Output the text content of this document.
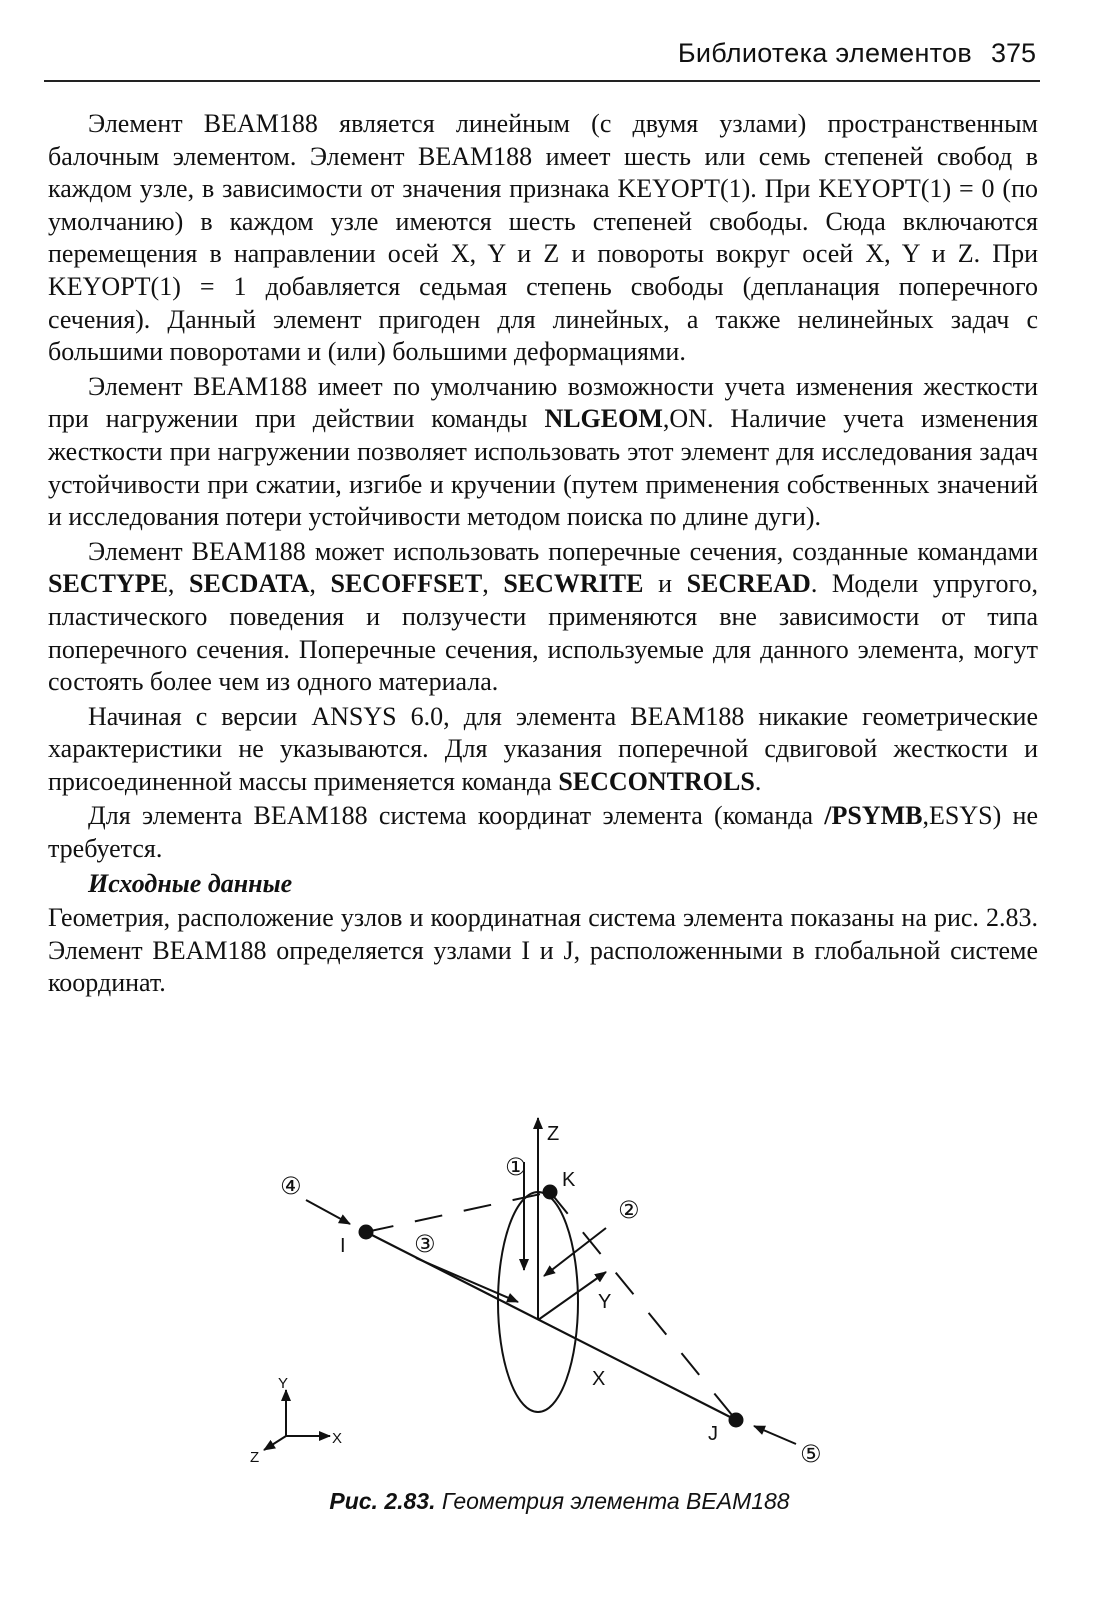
Библиотека элементов 375

Элемент BEAM188 является линейным (с двумя узлами) пространственным балочным элементом. Элемент BEAM188 имеет шесть или семь степеней свобод в каждом узле, в зависимости от значения признака KEYOPT(1). При KEYOPT(1) = 0 (по умолчанию) в каждом узле имеются шесть степеней свободы. Сюда включаются перемещения в направлении осей X, Y и Z и повороты вокруг осей X, Y и Z. При KEYOPT(1) = 1 добавляется седьмая степень свободы (депланация поперечного сечения). Данный элемент пригоден для линейных, а также нелинейных задач с большими поворотами и (или) большими деформациями.

Элемент BEAM188 имеет по умолчанию возможности учета изменения жесткости при нагружении при действии команды NLGEOM,ON. Наличие учета изменения жесткости при нагружении позволяет использовать этот элемент для исследования задач устойчивости при сжатии, изгибе и кручении (путем применения собственных значений и исследования потери устойчивости методом поиска по длине дуги).

Элемент BEAM188 может использовать поперечные сечения, созданные командами SECTYPE, SECDATA, SECOFFSET, SECWRITE и SECREAD. Модели упругого, пластического поведения и ползучести применяются вне зависимости от типа поперечного сечения. Поперечные сечения, используемые для данного элемента, могут состоять более чем из одного материала.

Начиная с версии ANSYS 6.0, для элемента BEAM188 никакие геометрические характеристики не указываются. Для указания поперечной сдвиговой жесткости и присоединенной массы применяется команда SECCONTROLS.

Для элемента BEAM188 система координат элемента (команда /PSYMB,ESYS) не требуется.

Исходные данные

Геометрия, расположение узлов и координатная система элемента показаны на рис. 2.83. Элемент BEAM188 определяется узлами I и J, расположенными в глобальной системе координат.

Z
Y
X
I
K
J
①
②
③
④
⑤
Y
X
Z
Рис. 2.83. Геометрия элемента BEAM188
